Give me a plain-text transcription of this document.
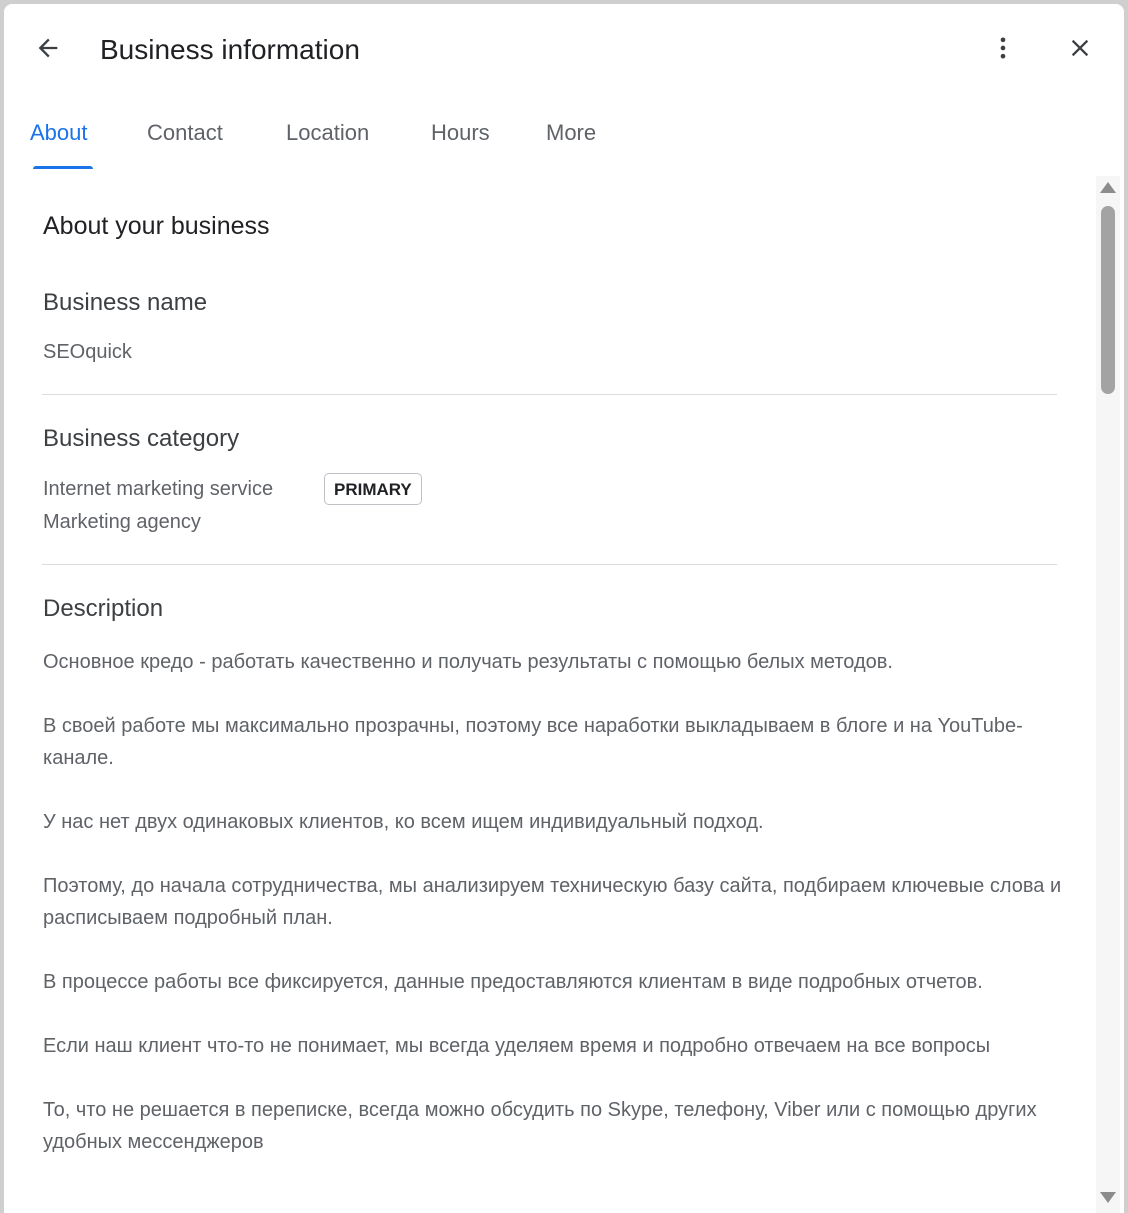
Business information
About	Contact	Location	Hours	More
About your business
Business name
SEOquick
Business category
Internet marketing service	PRIMARY
Marketing agency
Description

Основное кредо - работать качественно и получать результаты с помощью белых методов.

В своей работе мы максимально прозрачны, поэтому все наработки выкладываем в блоге и на YouTube-канале.

У нас нет двух одинаковых клиентов, ко всем ищем индивидуальный подход.

Поэтому, до начала сотрудничества, мы анализируем техническую базу сайта, подбираем ключевые слова и расписываем подробный план.

В процессе работы все фиксируется, данные предоставляются клиентам в виде подробных отчетов.

Если наш клиент что-то не понимает, мы всегда уделяем время и подробно отвечаем на все вопросы

То, что не решается в переписке, всегда можно обсудить по Skype, телефону, Viber или с помощью других удобных мессенджеров
